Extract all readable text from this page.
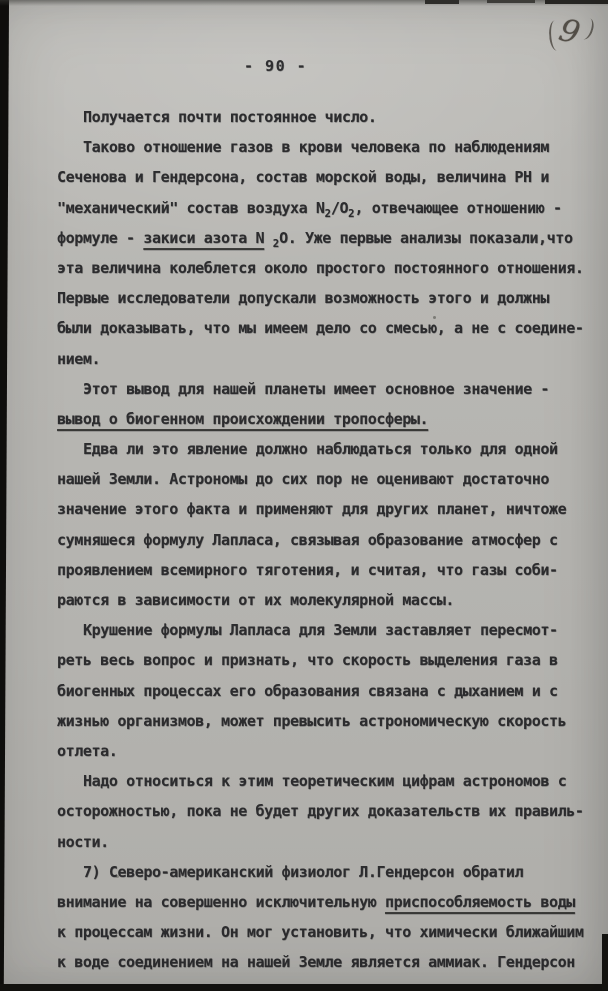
- 90 -
9
Получается почти постоянное число.
Таково отношение газов в крови человека по наблюдениям
Сеченова и Гендерсона, состав морской воды, величина РН и
"механический" состав воздуха $N_2/O_2$, отвечающее отношению -
формуле - закиси азота N $_2$O. Уже первые анализы показали,что
эта величина колеблется около простого постоянного отношения.
Первые исследователи допускали возможность этого и должны
были доказывать, что мы имеем дело со смесью, а не с соедине-
нием.
Этот вывод для нашей планеты имеет основное значение -
вывод о биогенном происхождении тропосферы.
Едва ли это явление должно наблюдаться только для одной
нашей Земли. Астрономы до сих пор не оценивают достаточно
значение этого факта и применяют для других планет, ничтоже
сумняшеся формулу Лапласа, связывая образование атмосфер с
проявлением всемирного тяготения, и считая, что газы соби-
раются в зависимости от их молекулярной массы.
Крушение формулы Лапласа для Земли заставляет пересмот-
реть весь вопрос и признать, что скорость выделения газа в
биогенных процессах его образования связана с дыханием и с
жизнью организмов, может превысить астрономическую скорость
отлета.
Надо относиться к этим теоретическим цифрам астрономов с
осторожностью, пока не будет других доказательств их правиль-
ности.
7) Северо-американский физиолог Л.Гендерсон обратил
внимание на совершенно исключительную приспособляемость воды
к процессам жизни. Он мог установить, что химически ближайшим
к воде соединением на нашей Земле является аммиак. Гендерсон
